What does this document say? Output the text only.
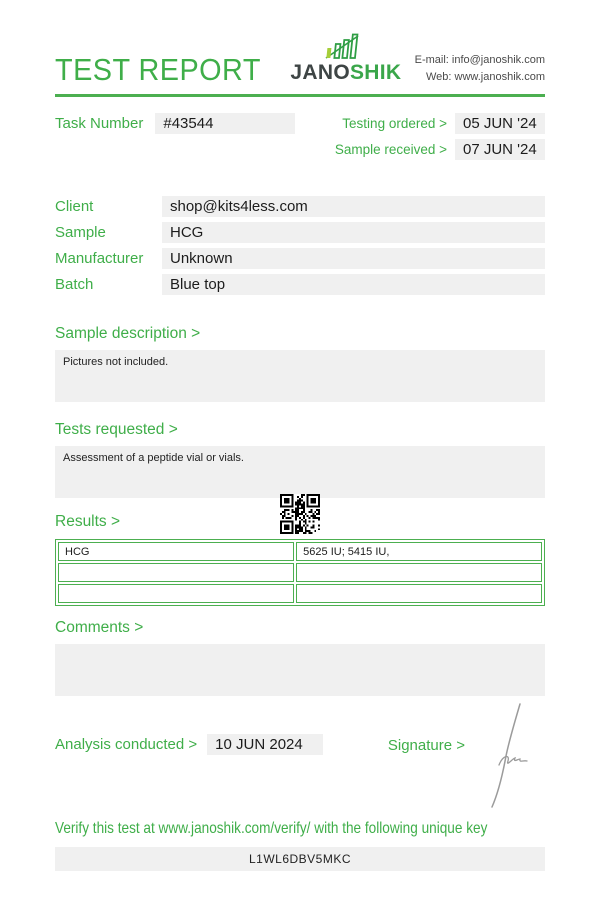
TEST REPORT JANOSHIK
E-mail: info@janoshik.com
Web: www.janoshik.com
Task Number	#43544	Testing ordered >	05 JUN '24
Sample received >	07 JUN '24
Client	shop@kits4less.com
Sample	HCG
Manufacturer	Unknown
Batch	Blue top
Sample description >
Pictures not included.
Tests requested >
Assessment of a peptide vial or vials.
Results >
HCG	5625 IU; 5415 IU,

Comments >
Analysis conducted >	10 JUN 2024	Signature >
Verify this test at www.janoshik.com/verify/ with the following unique key
L1WL6DBV5MKC
